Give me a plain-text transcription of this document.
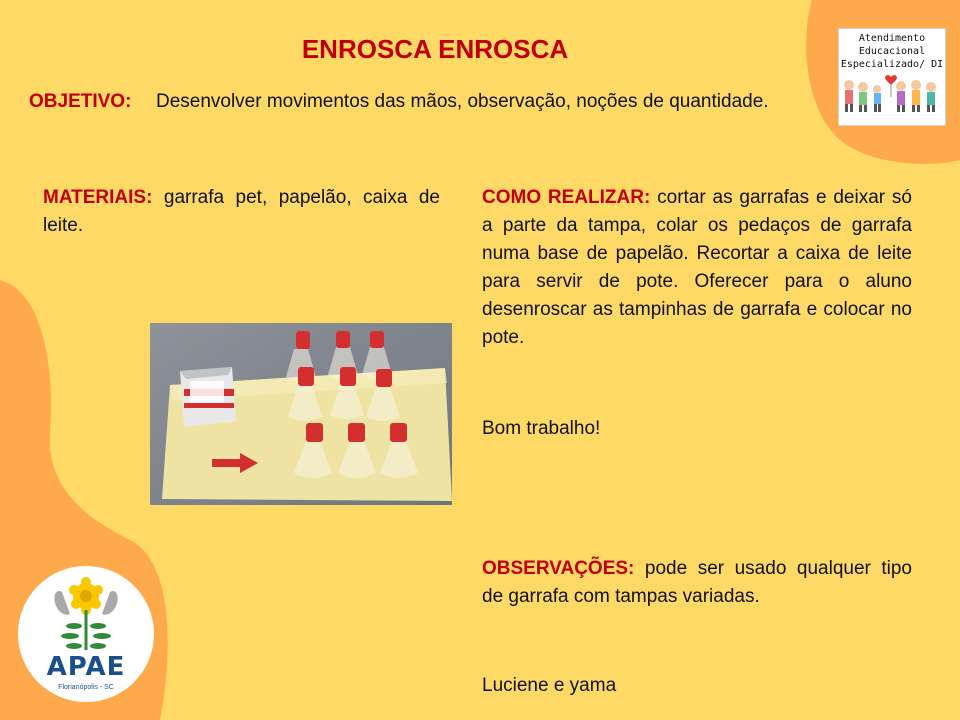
ENROSCA ENROSCA
OBJETIVO: Desenvolver movimentos das mãos, observação, noções de quantidade.
MATERIAIS: garrafa pet, papelão, caixa de leite.
COMO REALIZAR: cortar as garrafas e deixar só a parte da tampa, colar os pedaços de garrafa numa base de papelão. Recortar a caixa de leite para servir de pote. Oferecer para o aluno desenroscar as tampinhas de garrafa e colocar no pote.
Bom trabalho!
OBSERVAÇÕES: pode ser usado qualquer tipo de garrafa com tampas variadas.
Luciene e yama
Atendimento
Educacional
Especializado/ DI
APAE
Florianópolis - SC
